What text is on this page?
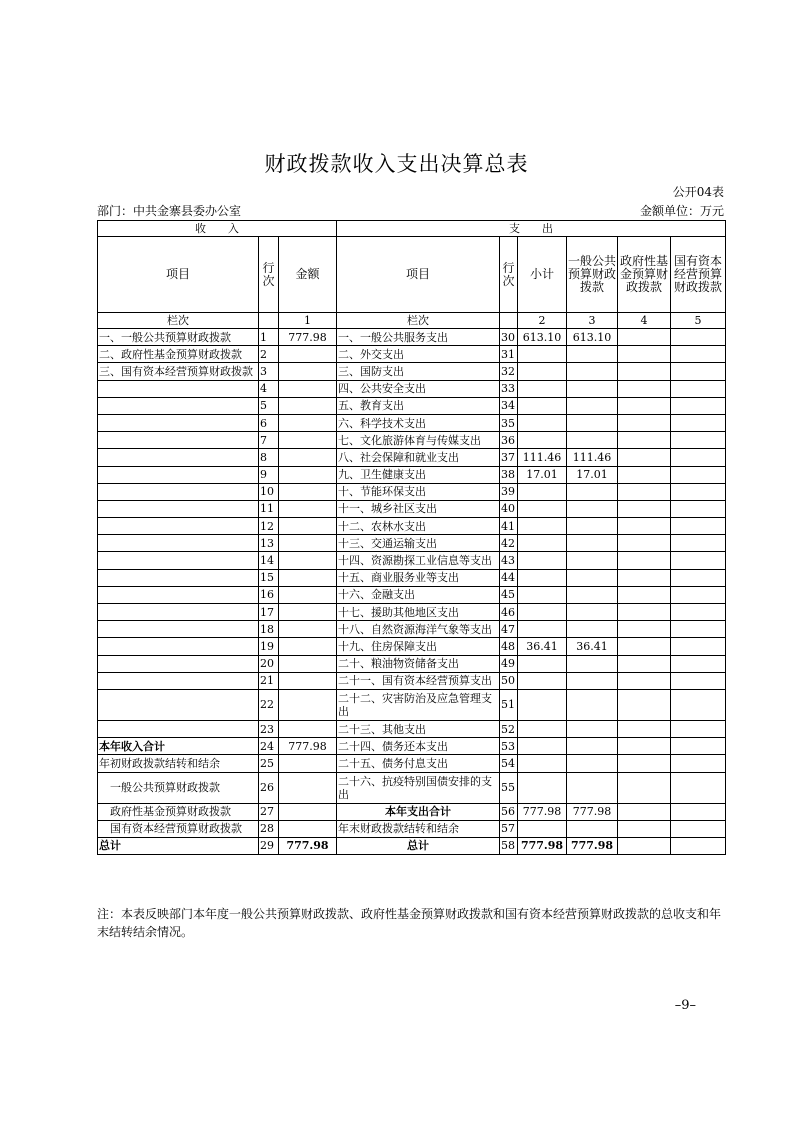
财政拨款收入支出决算总表
公开04表
部门：中共金寨县委办公室	金额单位：万元
收　　入			支　　出					
项目	行次	金额	项目	行次	小计	一般公共预算财政拨款	政府性基金预算财政拨款	国有资本经营预算财政拨款
栏次		1	栏次		2	3	4	5
一、一般公共预算财政拨款	1	777.98	一、一般公共服务支出	30	613.10	613.10		
二、政府性基金预算财政拨款	2		二、外交支出	31				
三、国有资本经营预算财政拨款	3		三、国防支出	32				
	4		四、公共安全支出	33				
	5		五、教育支出	34				
	6		六、科学技术支出	35				
	7		七、文化旅游体育与传媒支出	36				
	8		八、社会保障和就业支出	37	111.46	111.46		
	9		九、卫生健康支出	38	17.01	17.01		
	10		十、节能环保支出	39				
	11		十一、城乡社区支出	40				
	12		十二、农林水支出	41				
	13		十三、交通运输支出	42				
	14		十四、资源勘探工业信息等支出	43				
	15		十五、商业服务业等支出	44				
	16		十六、金融支出	45				
	17		十七、援助其他地区支出	46				
	18		十八、自然资源海洋气象等支出	47				
	19		十九、住房保障支出	48	36.41	36.41		
	20		二十、粮油物资储备支出	49				
	21		二十一、国有资本经营预算支出	50				
	22		二十二、灾害防治及应急管理支出	51				
	23		二十三、其他支出	52				
本年收入合计	24	777.98	二十四、债务还本支出	53				
年初财政拨款结转和结余	25		二十五、债务付息支出	54				
一般公共预算财政拨款	26		二十六、抗疫特别国债安排的支出	55				
政府性基金预算财政拨款	27		本年支出合计	56	777.98	777.98		
国有资本经营预算财政拨款	28		年末财政拨款结转和结余	57				
总计	29	777.98	总计	58	777.98	777.98		
注：本表反映部门本年度一般公共预算财政拨款、政府性基金预算财政拨款和国有资本经营预算财政拨款的总收支和年末结转结余情况。
–9–
